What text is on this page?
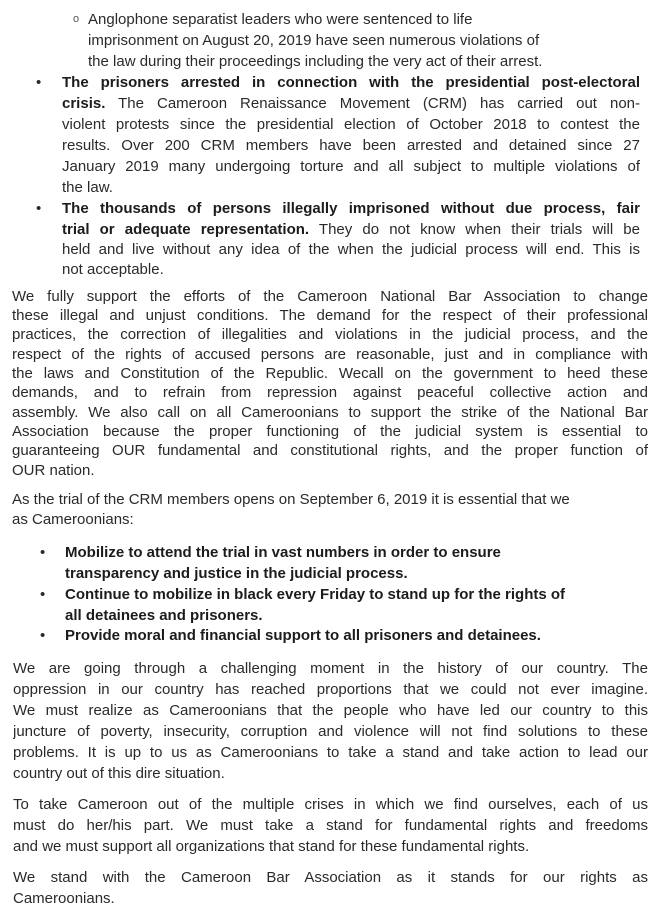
o Anglophone separatist leaders who were sentenced to life
imprisonment on August 20, 2019 have seen numerous violations of
the law during their proceedings including the very act of their arrest.
• The prisoners arrested in connection with the presidential post-electoral
crisis. The Cameroon Renaissance Movement (CRM) has carried out non-
violent protests since the presidential election of October 2018 to contest the
results. Over 200 CRM members have been arrested and detained since 27
January 2019 many undergoing torture and all subject to multiple violations of
the law.
• The thousands of persons illegally imprisoned without due process, fair
trial or adequate representation. They do not know when their trials will be
held and live without any idea of the when the judicial process will end. This is
not acceptable.
We fully support the efforts of the Cameroon National Bar Association to change
these illegal and unjust conditions. The demand for the respect of their professional
practices, the correction of illegalities and violations in the judicial process, and the
respect of the rights of accused persons are reasonable, just and in compliance with
the laws and Constitution of the Republic. Wecall on the government to heed these
demands, and to refrain from repression against peaceful collective action and
assembly. We also call on all Cameroonians to support the strike of the National Bar
Association because the proper functioning of the judicial system is essential to
guaranteeing OUR fundamental and constitutional rights, and the proper function of
OUR nation.
As the trial of the CRM members opens on September 6, 2019 it is essential that we
as Cameroonians:
• Mobilize to attend the trial in vast numbers in order to ensure
transparency and justice in the judicial process.
• Continue to mobilize in black every Friday to stand up for the rights of
all detainees and prisoners.
• Provide moral and financial support to all prisoners and detainees.
We are going through a challenging moment in the history of our country. The
oppression in our country has reached proportions that we could not ever imagine.
We must realize as Cameroonians that the people who have led our country to this
juncture of poverty, insecurity, corruption and violence will not find solutions to these
problems. It is up to us as Cameroonians to take a stand and take action to lead our
country out of this dire situation.
To take Cameroon out of the multiple crises in which we find ourselves, each of us
must do her/his part. We must take a stand for fundamental rights and freedoms
and we must support all organizations that stand for these fundamental rights.
We stand with the Cameroon Bar Association as it stands for our rights as
Cameroonians.
